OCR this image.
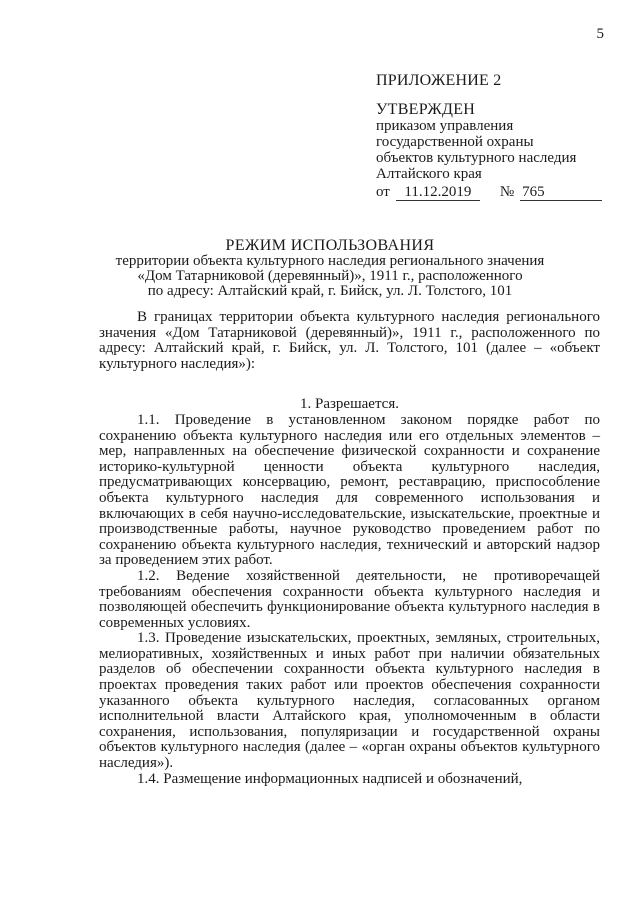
5
ПРИЛОЖЕНИЕ 2
УТВЕРЖДЕН
приказом управления
государственной охраны
объектов культурного наследия
Алтайского края
от 11.12.2019 № 765
РЕЖИМ ИСПОЛЬЗОВАНИЯ
территории объекта культурного наследия регионального значения
«Дом Татарниковой (деревянный)», 1911 г., расположенного
по адресу: Алтайский край, г. Бийск, ул. Л. Толстого, 101

В границах территории объекта культурного наследия регионального значения «Дом Татарниковой (деревянный)», 1911 г., расположенного по адресу: Алтайский край, г. Бийск, ул. Л. Толстого, 101 (далее – «объект культурного наследия»):

1. Разрешается.

1.1. Проведение в установленном законом порядке работ по сохранению объекта культурного наследия или его отдельных элементов – мер, направленных на обеспечение физической сохранности и сохранение историко-культурной ценности объекта культурного наследия, предусматривающих консервацию, ремонт, реставрацию, приспособление объекта культурного наследия для современного использования и включающих в себя научно-исследовательские, изыскательские, проектные и производственные работы, научное руководство проведением работ по сохранению объекта культурного наследия, технический и авторский надзор за проведением этих работ.

1.2. Ведение хозяйственной деятельности, не противоречащей требованиям обеспечения сохранности объекта культурного наследия и позволяющей обеспечить функционирование объекта культурного наследия в современных условиях.

1.3. Проведение изыскательских, проектных, земляных, строительных, мелиоративных, хозяйственных и иных работ при наличии обязательных разделов об обеспечении сохранности объекта культурного наследия в проектах проведения таких работ или проектов обеспечения сохранности указанного объекта культурного наследия, согласованных органом исполнительной власти Алтайского края, уполномоченным в области сохранения, использования, популяризации и государственной охраны объектов культурного наследия (далее – «орган охраны объектов культурного наследия»).

1.4. Размещение информационных надписей и обозначений,
